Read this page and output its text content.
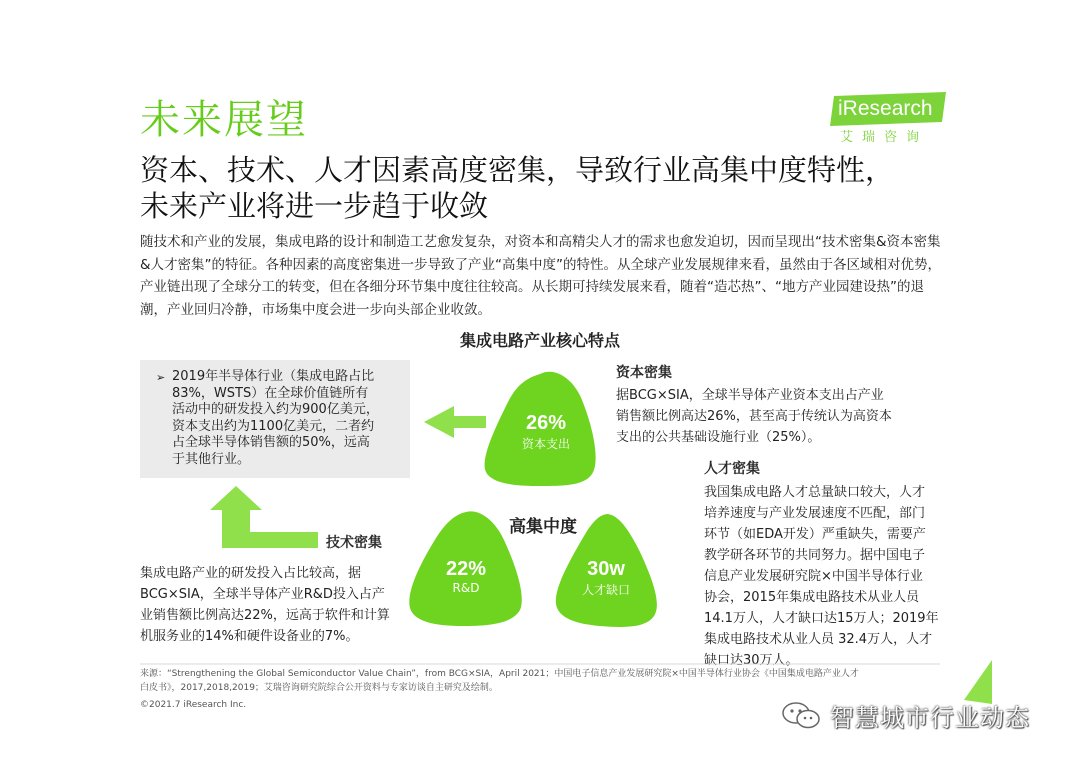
未来展望	iResearch
艾瑞咨询
资本、技术、人才因素高度密集，导致行业高集中度特性，
未来产业将进一步趋于收敛
随技术和产业的发展，集成电路的设计和制造工艺愈发复杂，对资本和高精尖人才的需求也愈发迫切，因而呈现出“技术密集&资本密集&人才密集”的特征。各种因素的高度密集进一步导致了产业“高集中度”的特性。从全球产业发展规律来看，虽然由于各区域相对优势，产业链出现了全球分工的转变，但在各细分环节集中度往往较高。从长期可持续发展来看，随着“造芯热”、“地方产业园建设热”的退潮，产业回归冷静，市场集中度会进一步向头部企业收敛。
集成电路产业核心特点
➢ 2019年半导体行业（集成电路占比
83%，WSTS）在全球价值链所有
活动中的研发投入约为900亿美元，
资本支出约为1100亿美元，二者约
占全球半导体销售额的50%，远高
于其他行业。
26%
资本支出
22%
R&D
30w
人才缺口
高集中度
资本密集
据BCG×SIA，全球半导体产业资本支出占产业
销售额比例高达26%，甚至高于传统认为高资本
支出的公共基础设施行业（25%）。
人才密集
我国集成电路人才总量缺口较大，人才
培养速度与产业发展速度不匹配，部门
环节（如EDA开发）严重缺失，需要产
教学研各环节的共同努力。据中国电子
信息产业发展研究院×中国半导体行业
协会，2015年集成电路技术从业人员
14.1万人，人才缺口达15万人；2019年
集成电路技术从业人员 32.4万人，人才
缺口达30万人。
技术密集
集成电路产业的研发投入占比较高，据
BCG×SIA，全球半导体产业R&D投入占产
业销售额比例高达22%，远高于软件和计算
机服务业的14%和硬件设备业的7%。
来源：“Strengthening the Global Semiconductor Value Chain”，from BCG×SIA，April 2021；中国电子信息产业发展研究院×中国半导体行业协会《中国集成电路产业人才
白皮书》，2017,2018,2019；艾瑞咨询研究院综合公开资料与专家访谈自主研究及绘制。
©2021.7 iResearch Inc.	智慧城市行业动态
